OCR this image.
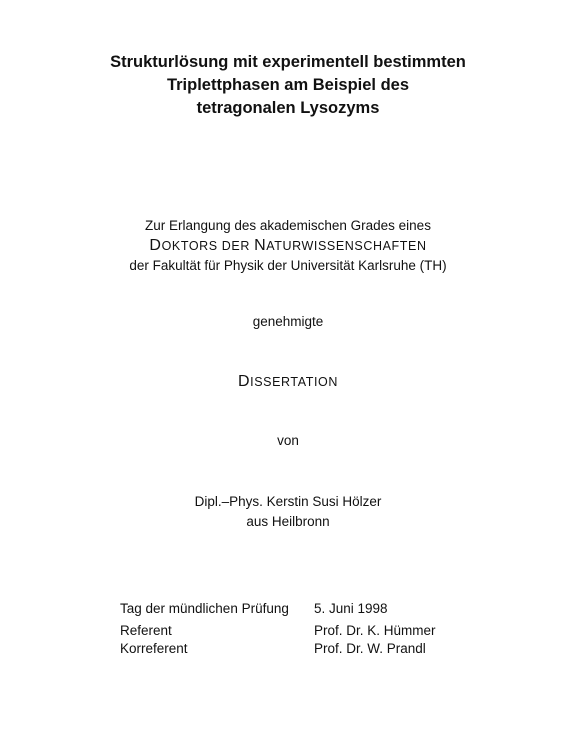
Strukturlösung mit experimentell bestimmten
Triplettphasen am Beispiel des
tetragonalen Lysozyms
Zur Erlangung des akademischen Grades eines
DOKTORS DER NATURWISSENSCHAFTEN
der Fakultät für Physik der Universität Karlsruhe (TH)
genehmigte
DISSERTATION
von
Dipl.–Phys. Kerstin Susi Hölzer
aus Heilbronn
Tag der mündlichen Prüfung	5. Juni 1998
Referent	Prof. Dr. K. Hümmer
Korreferent	Prof. Dr. W. Prandl
